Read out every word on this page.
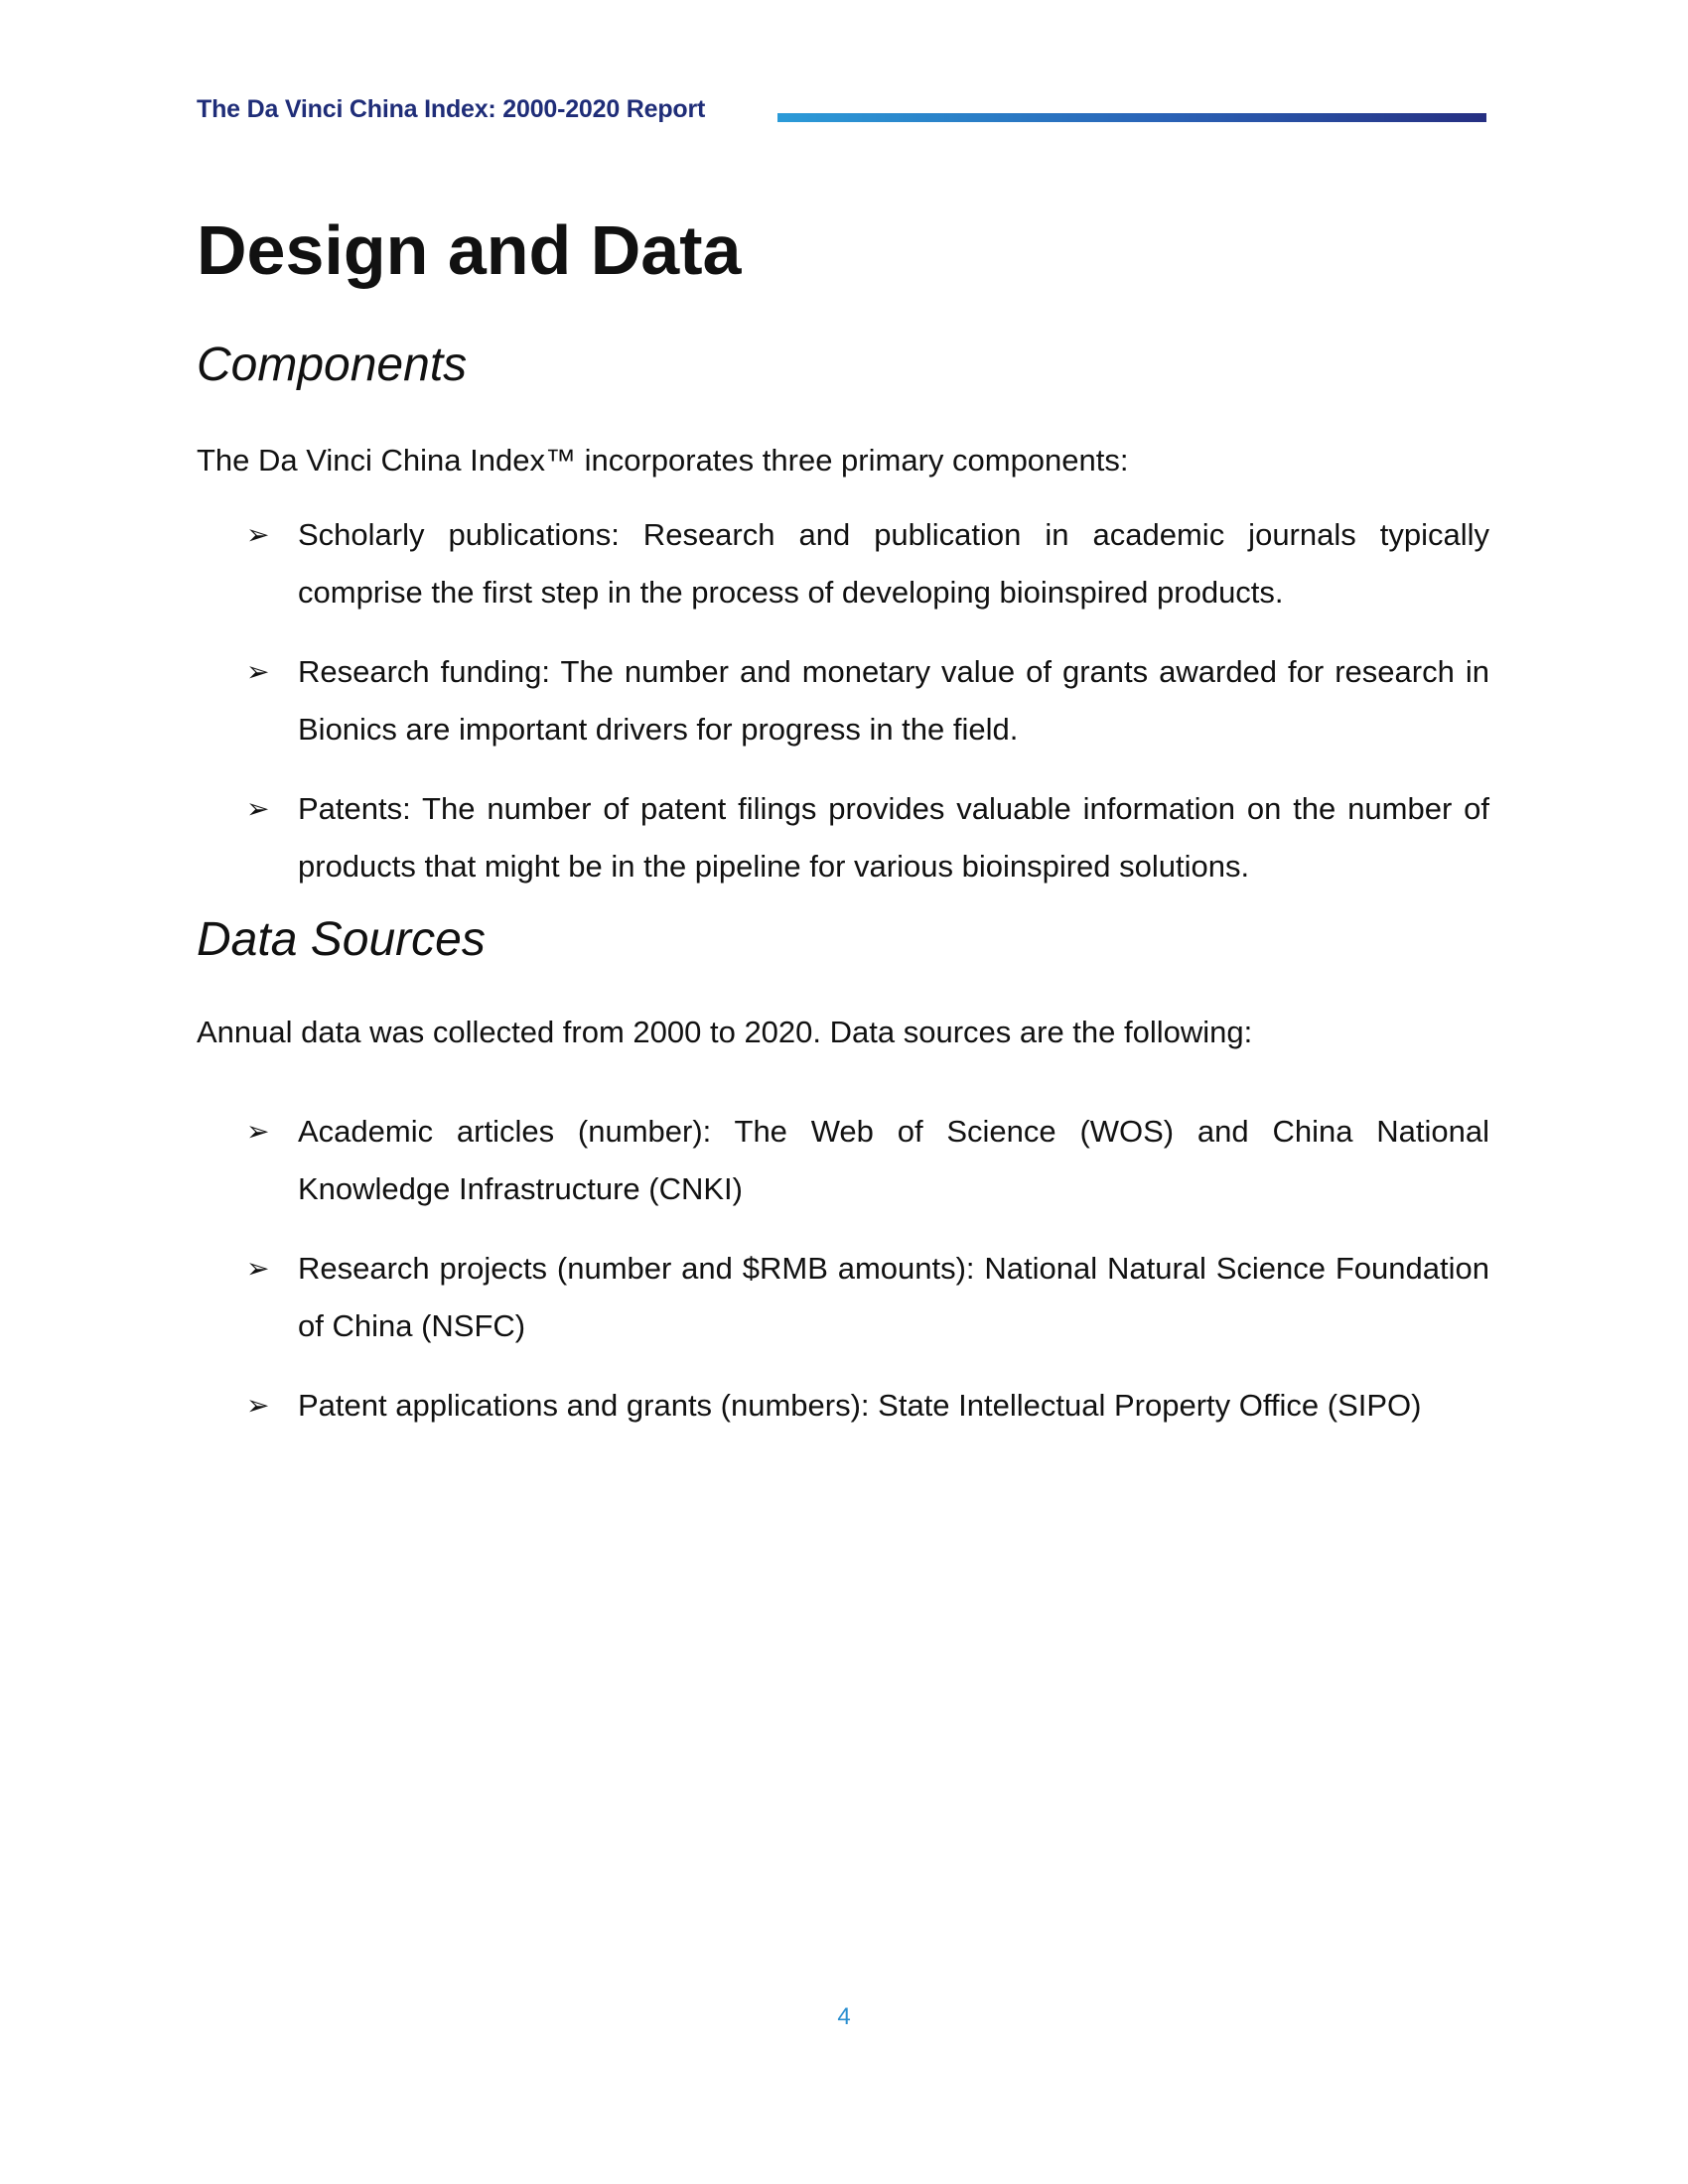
The Da Vinci China Index: 2000-2020 Report
Design and Data
Components

The Da Vinci China Index™ incorporates three primary components:

➢ Scholarly publications: Research and publication in academic journals typically comprise the first step in the process of developing bioinspired products.
➢ Research funding: The number and monetary value of grants awarded for research in Bionics are important drivers for progress in the field.
➢ Patents: The number of patent filings provides valuable information on the number of products that might be in the pipeline for various bioinspired solutions.
Data Sources

Annual data was collected from 2000 to 2020. Data sources are the following:

➢ Academic articles (number): The Web of Science (WOS) and China National Knowledge Infrastructure (CNKI)
➢ Research projects (number and $RMB amounts): National Natural Science Foundation of China (NSFC)
➢ Patent applications and grants (numbers): State Intellectual Property Office (SIPO)
4
